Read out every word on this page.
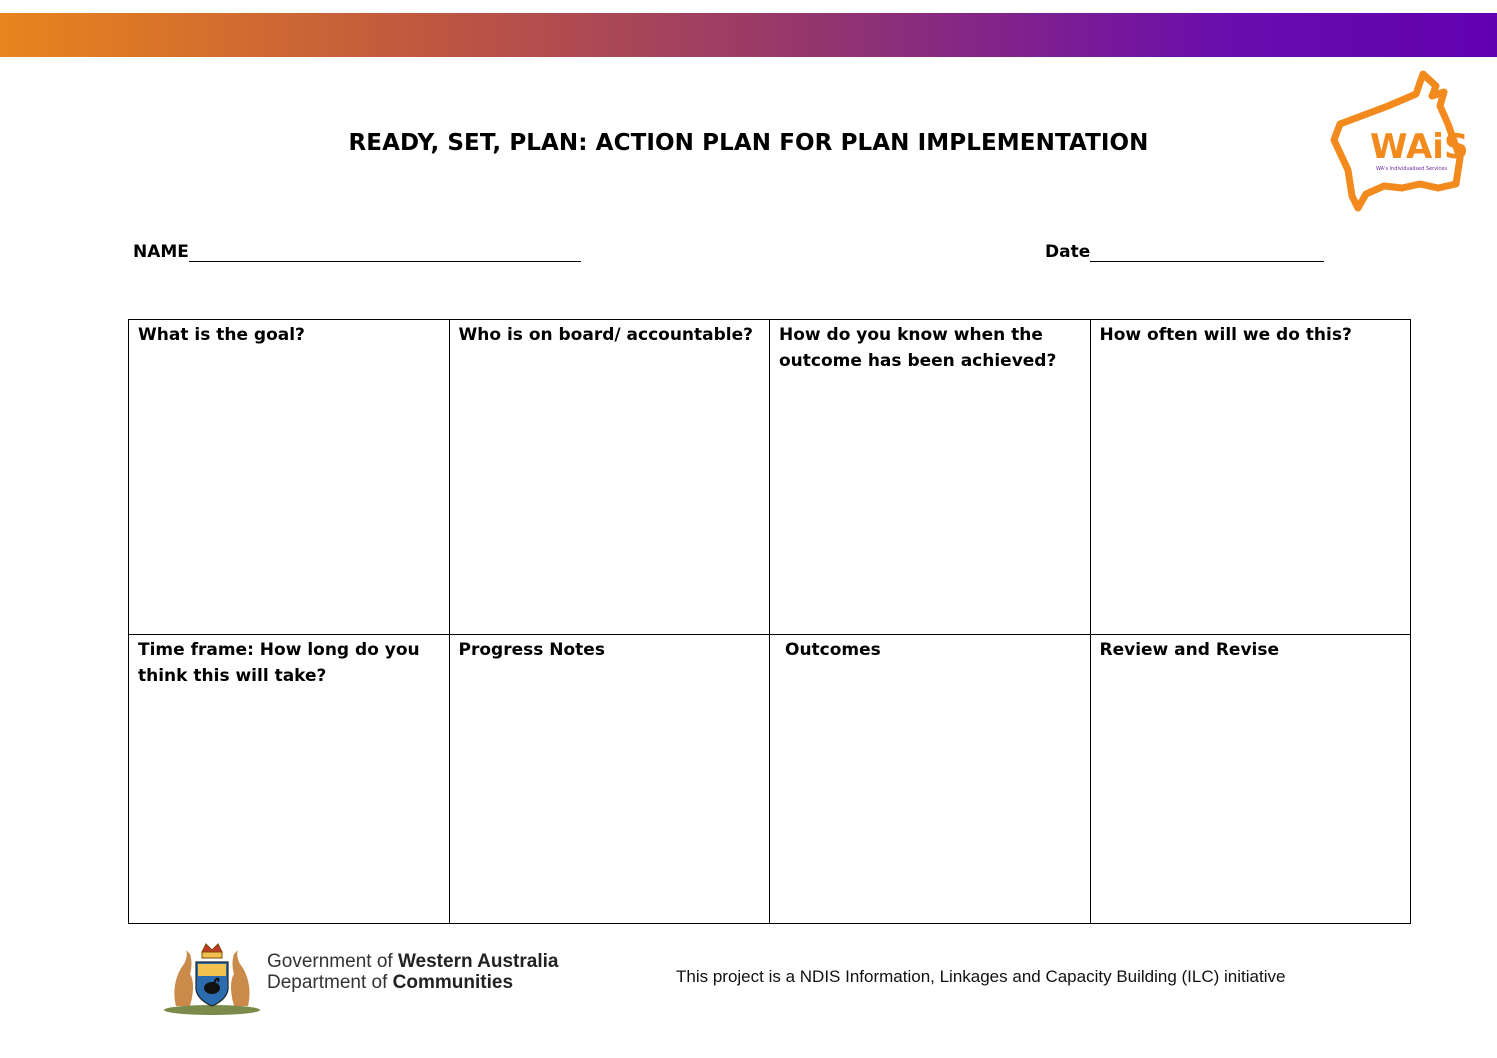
READY, SET, PLAN: ACTION PLAN FOR PLAN IMPLEMENTATION	WAiS
WA's Individualised Services
NAME	Date
What is the goal?	Who is on board/ accountable?	How do you know when the outcome has been achieved?	How often will we do this?
Time frame: How long do you think this will take?	Progress Notes	Outcomes	Review and Revise
Government of Western Australia
Department of Communities	This project is a NDIS Information, Linkages and Capacity Building (ILC) initiative
